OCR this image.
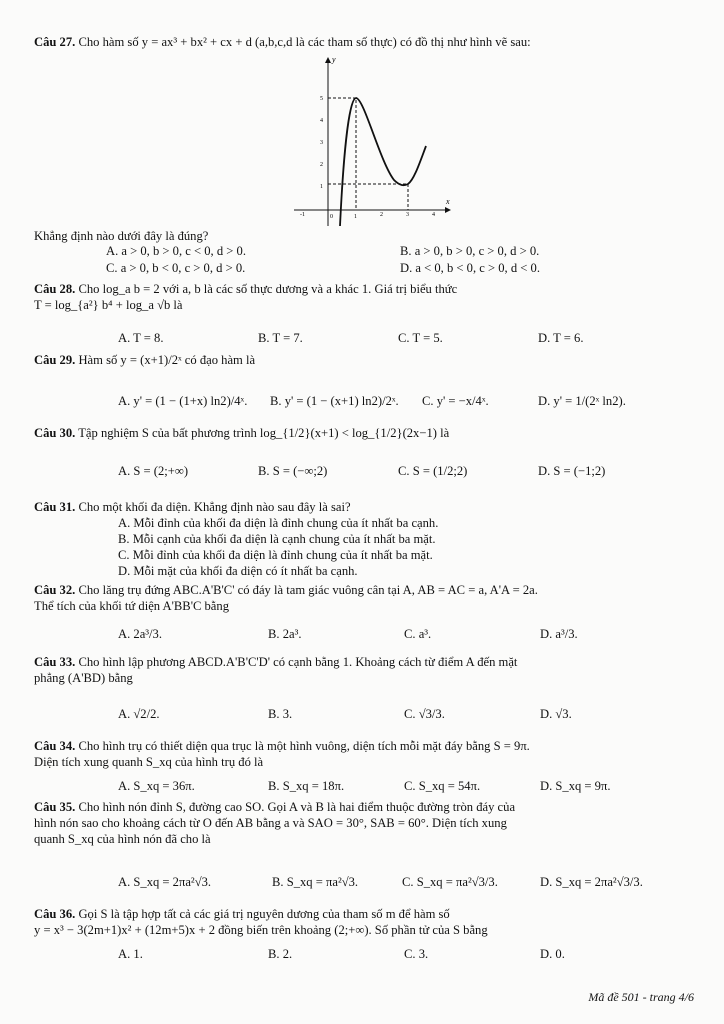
Câu 27. Cho hàm số y = ax³ + bx² + cx + d (a,b,c,d là các tham số thực) có đồ thị như hình vẽ sau:
x
y
0
5
4
3
2
1
-1	1	2	3	4
Khẳng định nào dưới đây là đúng?
A. a > 0, b > 0, c < 0, d > 0.	B. a > 0, b > 0, c > 0, d > 0.
C. a > 0, b < 0, c > 0, d > 0.	D. a < 0, b < 0, c > 0, d < 0.
Câu 28. Cho log_a b = 2 với a, b là các số thực dương và a khác 1. Giá trị biểu thức
T = log_{a²} b⁴ + log_a √b là
A. T = 8.	B. T = 7.	C. T = 5.	D. T = 6.
Câu 29. Hàm số y = (x+1)/2ˣ có đạo hàm là
A. y' = (1 − (1+x) ln2)/4ˣ. B. y' = (1 − (x+1) ln2)/2ˣ. C. y' = −x/4ˣ.	D. y' = 1/(2ˣ ln2).
Câu 30. Tập nghiệm S của bất phương trình log_{1/2}(x+1) < log_{1/2}(2x−1) là
A. S = (2;+∞)	B. S = (−∞;2)	C. S = (1/2;2)	D. S = (−1;2)
Câu 31. Cho một khối đa diện. Khẳng định nào sau đây là sai?
A. Mỗi đỉnh của khối đa diện là đỉnh chung của ít nhất ba cạnh.
B. Mỗi cạnh của khối đa diện là cạnh chung của ít nhất ba mặt.
C. Mỗi đỉnh của khối đa diện là đỉnh chung của ít nhất ba mặt.
D. Mỗi mặt của khối đa diện có ít nhất ba cạnh.
Câu 32. Cho lăng trụ đứng ABC.A'B'C' có đáy là tam giác vuông cân tại A, AB = AC = a, A'A = 2a.
Thể tích của khối tứ diện A'BB'C bằng
A. 2a³/3.	B. 2a³.	C. a³.	D. a³/3.
Câu 33. Cho hình lập phương ABCD.A'B'C'D' có cạnh bằng 1. Khoảng cách từ điểm A đến mặt
phẳng (A'BD) bằng
A. √2/2.	B. 3.	C. √3/3.	D. √3.
Câu 34. Cho hình trụ có thiết diện qua trục là một hình vuông, diện tích mỗi mặt đáy bằng S = 9π.
Diện tích xung quanh S_xq của hình trụ đó là
A. S_xq = 36π.	B. S_xq = 18π.	C. S_xq = 54π.	D. S_xq = 9π.
Câu 35. Cho hình nón đỉnh S, đường cao SO. Gọi A và B là hai điểm thuộc đường tròn đáy của
hình nón sao cho khoảng cách từ O đến AB bằng a và SAO = 30°, SAB = 60°. Diện tích xung
quanh S_xq của hình nón đã cho là
A. S_xq = 2πa²√3.	B. S_xq = πa²√3.	C. S_xq = πa²√3/3.	D. S_xq = 2πa²√3/3.
Câu 36. Gọi S là tập hợp tất cả các giá trị nguyên dương của tham số m để hàm số
y = x³ − 3(2m+1)x² + (12m+5)x + 2 đồng biến trên khoảng (2;+∞). Số phần tử của S bằng
A. 1.	B. 2.	C. 3.	D. 0.
Mã đề 501 - trang 4/6
